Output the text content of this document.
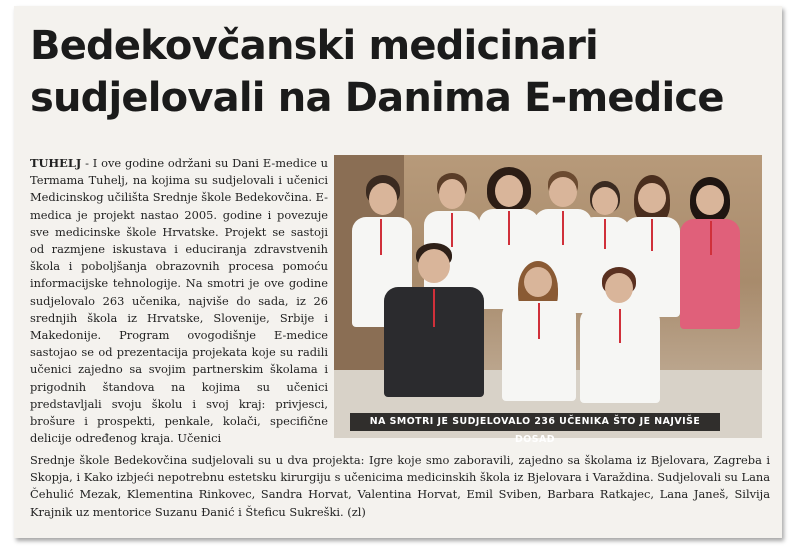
Bedekovčanski medicinari
sudjelovali na Danima E-medice
TUHELJ - I ove godine održani su Dani E-medice u Termama Tuhelj, na kojima su sudjelovali i učenici Medicinskog učilišta Srednje škole Bedekovčina. E-medica je projekt nastao 2005. godine i povezuje sve medicinske škole Hrvatske. Projekt se sastoji od razmjene iskustava i educiranja zdravstvenih škola i poboljšanja obrazovnih procesa pomoću informacijske tehnologije. Na smotri je ove godine sudjelovalo 263 učenika, najviše do sada, iz 26 srednjih škola iz Hrvatske, Slovenije, Srbije i Makedonije. Program ovogodišnje E-medice sastojao se od prezentacija projekata koje su radili učenici zajedno sa svojim partnerskim školama i prigodnih štandova na kojima su učenici predstavljali svoju školu i svoj kraj: privjesci, brošure i prospekti, penkale, kolači, specifične delicije određenog kraja. Učenici
NA SMOTRI JE SUDJELOVALO 236 UČENIKA ŠTO JE NAJVIŠE DOSAD
Srednje škole Bedekovčina sudjelovali su u dva projekta: Igre koje smo zaboravili, zajedno sa školama iz Bjelovara, Zagreba i Skopja, i Kako izbjeći nepotrebnu estetsku kirurgiju s učenicima medicinskih škola iz Bjelovara i Varaždina. Sudjelovali su Lana Čehulić Mezak, Klementina Rinkovec, Sandra Horvat, Valentina Horvat, Emil Sviben, Barbara Ratkajec, Lana Janeš, Silvija Krajnik uz mentorice Suzanu Đanić i Šteficu Sukreški. (zl)
